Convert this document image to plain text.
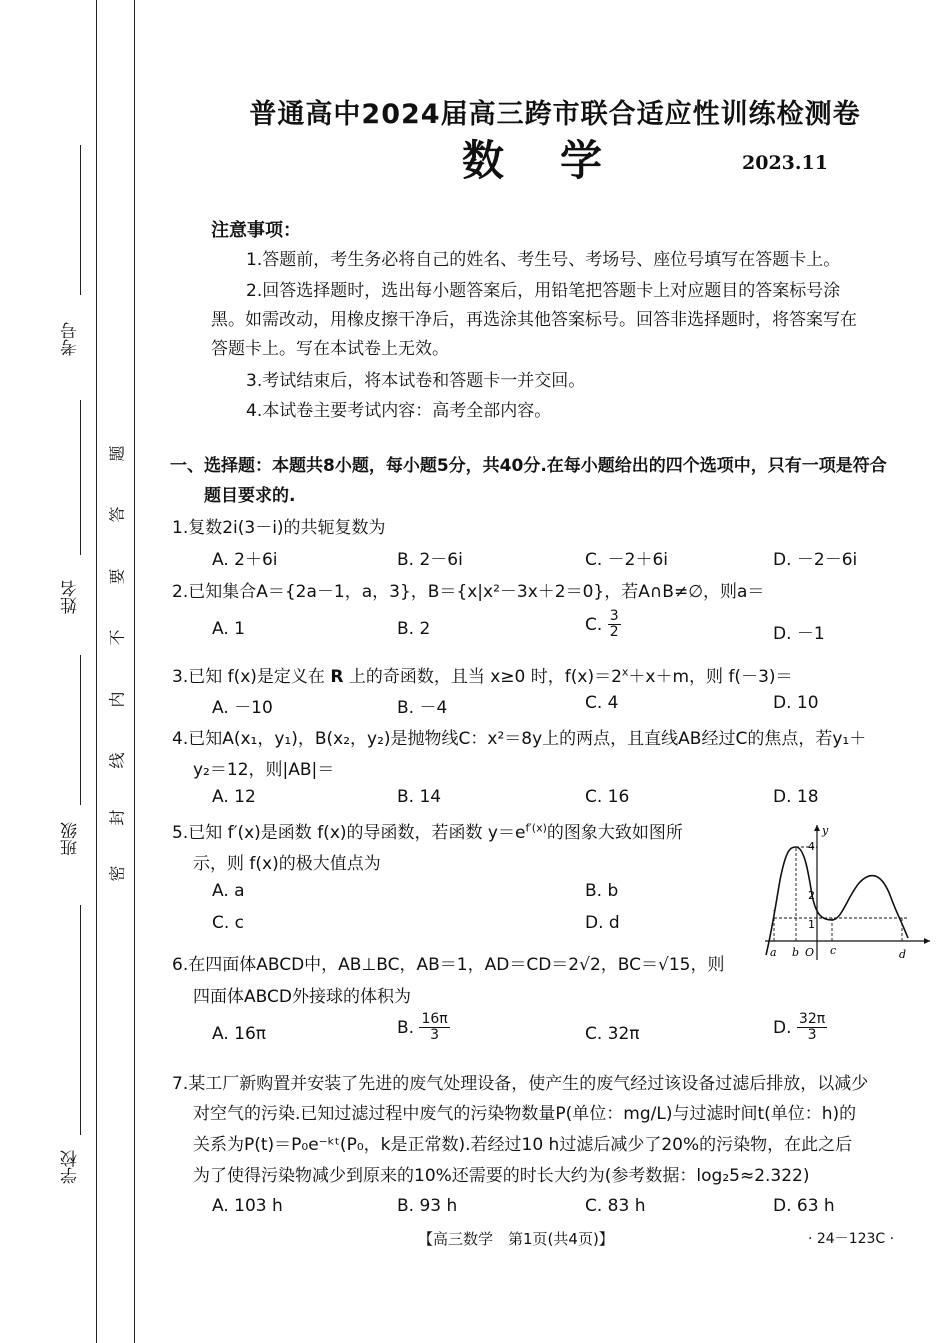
考号
姓名
班级
学校
题
答
要
不
内
线
封
密
普通高中2024届高三跨市联合适应性训练检测卷
数学	2023.11
注意事项：
1.答题前，考生务必将自己的姓名、考生号、考场号、座位号填写在答题卡上。
2.回答选择题时，选出每小题答案后，用铅笔把答题卡上对应题目的答案标号涂
黑。如需改动，用橡皮擦干净后，再选涂其他答案标号。回答非选择题时，将答案写在
答题卡上。写在本试卷上无效。
3.考试结束后，将本试卷和答题卡一并交回。
4.本试卷主要考试内容：高考全部内容。
一、选择题：本题共8小题，每小题5分，共40分.在每小题给出的四个选项中，只有一项是符合
题目要求的.
1.复数2i(3－i)的共轭复数为
A. 2＋6i	B. 2－6i	C. －2＋6i	D. －2－6i
2.已知集合A＝{2a－1，a，3}，B＝{x|x²－3x＋2＝0}，若A∩B≠∅，则a＝
A. 1	B. 2	C. $\frac{3}{2}$	D. －1
3.已知 f(x)是定义在 R 上的奇函数，且当 x≥0 时，$f(x)=2^x+x+m$，则 f(－3)＝
A. －10	B. －4	C. 4	D. 10
4.已知A(x₁，y₁)，B(x₂，y₂)是抛物线C：x²＝8y上的两点，且直线AB经过C的焦点，若y₁＋
y₂＝12，则|AB|＝
A. 12	B. 14	C. 16	D. 18
5.已知 f′(x)是函数 f(x)的导函数，若函数 $y=e^{f'(x)}$的图象大致如图所
示，则 f(x)的极大值点为
A. a	B. b
C. c	D. d
y
4
2
1
a b O c	d
6.在四面体ABCD中，AB⊥BC，AB＝1，AD＝CD＝2√2，BC＝√15，则
四面体ABCD外接球的体积为
A. 16π	B. $\frac{16\pi}{3}$	C. 32π	D. $\frac{32\pi}{3}$
7.某工厂新购置并安装了先进的废气处理设备，使产生的废气经过该设备过滤后排放，以减少
对空气的污染.已知过滤过程中废气的污染物数量P(单位：mg/L)与过滤时间t(单位：h)的
关系为P(t)＝P₀e⁻ᵏᵗ(P₀，k是正常数).若经过10 h过滤后减少了20%的污染物，在此之后
为了使得污染物减少到原来的10%还需要的时长大约为(参考数据：log₂5≈2.322)
A. 103 h	B. 93 h	C. 83 h	D. 63 h
【高三数学　第1页(共4页)】	· 24－123C ·
